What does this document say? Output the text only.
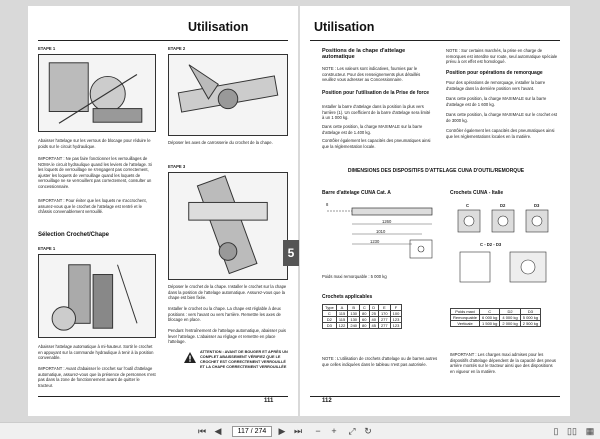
Utilisation
ETAPE 1
Abaisser l'attelage sur les verrous de blocage pour réduire le poids sur le circuit hydraulique.
IMPORTANT : Ne pas faire fonctionner les verrouillages de NOMA le circuit hydraulique quand les leviers de l'attelage. Si les loquets de verrouillage ne s'engagent pas correctement, ajuster les loquets de verrouillage quand les loquets de verrouillage ne se verrouillent pas correctement, consulter un concessionnaire.
IMPORTANT : Pour éviter que les loquets ne s'accrochent, assurez-vous que le crochet de l'attelage est rentré et le châssis convenablement verrouillé.
Sélection Crochet/Chape
ETAPE 1
Abaisser l'attelage automatique à mi-hauteur. Sortir le crochet en appuyant sur la commande hydraulique à tenir à la position convenable.
IMPORTANT : Avant d'abaisser le crochet sur l'outil d'attelage automatique, assurez-vous que la présence de personnes n'est pas dans la zone de fonctionnement avant de quitter le tracteur.
ETAPE 2
Déposer les axes de carrosserie du crochet de la chape.
ETAPE 3
Déposer le crochet de la chape. Installer le crochet sur la chape dans la position de l'attelage automatique. Assurez-vous que la chape est bien fixée.
Installer le crochet ou la chape. La chape est réglable à deux positions : vers l'avant ou vers l'arrière. Remettre les axes de blocage en place.
Pendant l'entraînement de l'attelage automatique, abaisser puis lever l'attelage. L'abaisser au réglage et remettre en place l'attelage.
ATTENTION : AVANT DE BOUGER ET APRÈS UN COMPLET ABAISSEMENT VÉRIFIEZ QUE LE CROCHET EST CORRECTEMENT VERROUILLÉ ET LA CHAPE CORRECTEMENT VERROUILLÉE
111
5
Utilisation
Positions de la chape d'attelage automatique
NOTE : Les valeurs sont indicatives, fournies par le constructeur. Pour des renseignements plus détaillés veuillez vous adresser au Concessionnaire.
Position pour l'utilisation de la Prise de force
Installer la barre d'attelage dans la position la plus vers l'arrière (1). Un coefficient de la barre d'attelage sera limité à un 1 000 kg.
Dans cette position, la charge MAXIMALE sur la barre d'attelage est de 1.400 kg.
Contrôler également les capacités des pneumatiques ainsi que la réglementation locale.
NOTE : Sur certains marchés, la prise en charge de remorques est interdite sur route, seul automatique spéciale prévu à cet effet est homologué.
Position pour opérations de remorquage
Pour des opérations de remorquage, installer la barre d'attelage dans la dernière position vers l'avant.
Dans cette position, la charge MAXIMALE sur la barre d'attelage est de 1 600 kg.
Dans cette position, la charge MAXIMALE sur le crochet est de 3000 kg.
Contrôler également les capacités des pneumatiques ainsi que les réglementations locales en la matière.
DIMENSIONS DES DISPOSITIFS D'ATTELAGE CUNA D'OUTIL/REMORQUE
Barre d'attelage CUNA Cat. A
1260
1010
1230
8
Poids maxi remorquable : 5 000 kg
Crochets CUNA - Italie
C	D2	D3
C - D2 - D3
Crochets applicables
Type	A	B	C	D	E	F
C	115	130	80	25	170	100
D2	115	130	60	40	277	123
D3	122	240	80	45	277	123
Poids maxi	C	D2	D3
Remorquable	6 000 kg	4 000 kg	5 000 kg
Verticale	1 500 kg	2 000 kg	2 500 kg
NOTE : L'utilisation de crochets d'attelage ou de barres autres que celles indiquées dans le tableau n'est pas autorisée.
IMPORTANT : Les charges maxi admises pour les dispositifs d'attelage dépendent de la capacité des pneus arrière montés sur le tracteur ainsi que des dispositions en vigueur en la matière.
112
⏮ ◀
117 / 274	▶ ⏭	−	+	⤢ ↻	▯ ▯▯ ▦
